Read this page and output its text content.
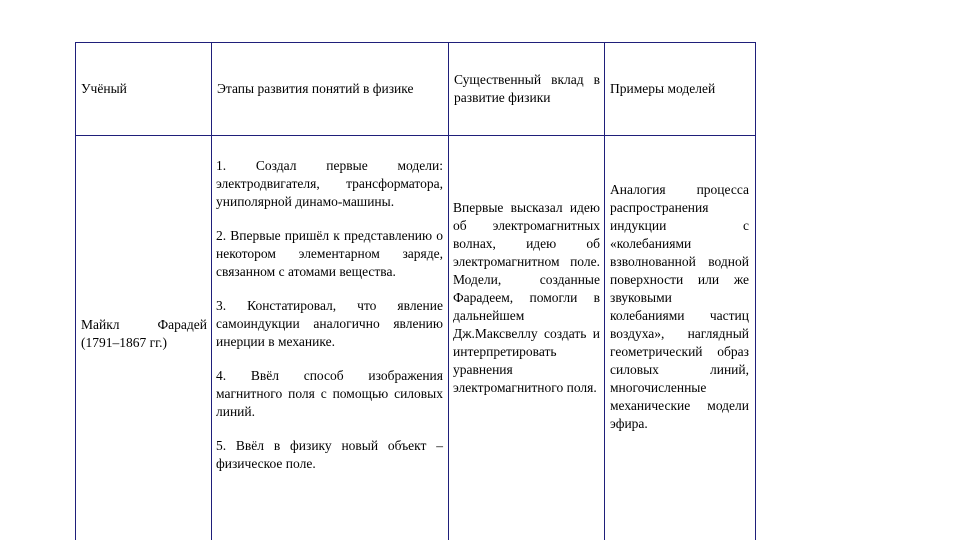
Учёный	Этапы развития понятий в физике

Существенный вклад в развитие физики

Примеры моделей

Майкл Фарадей (1791–1867 гг.)

1. Создал первые модели: электродвигателя, трансформатора, униполярной динамо-машины.

2. Впервые пришёл к представлению о некотором элементарном заряде, связанном с атомами вещества.

3. Констатировал, что явление самоиндукции аналогично явлению инерции в механике.

4. Ввёл способ изображения магнитного поля с помощью силовых линий.

5. Ввёл в физику новый объект – физическое поле.

Впервые высказал идею об электромагнитных волнах, идею об электромагнитном поле. Модели, созданные Фарадеем, помогли в дальнейшем Дж.Максвеллу создать и интерпретировать уравнения электромагнитного поля.

Аналогия процесса распространения индукции с «колебаниями взволнованной водной поверхности или же звуковыми колебаниями частиц воздуха», наглядный геометрический образ силовых линий, многочисленные механические модели эфира.
